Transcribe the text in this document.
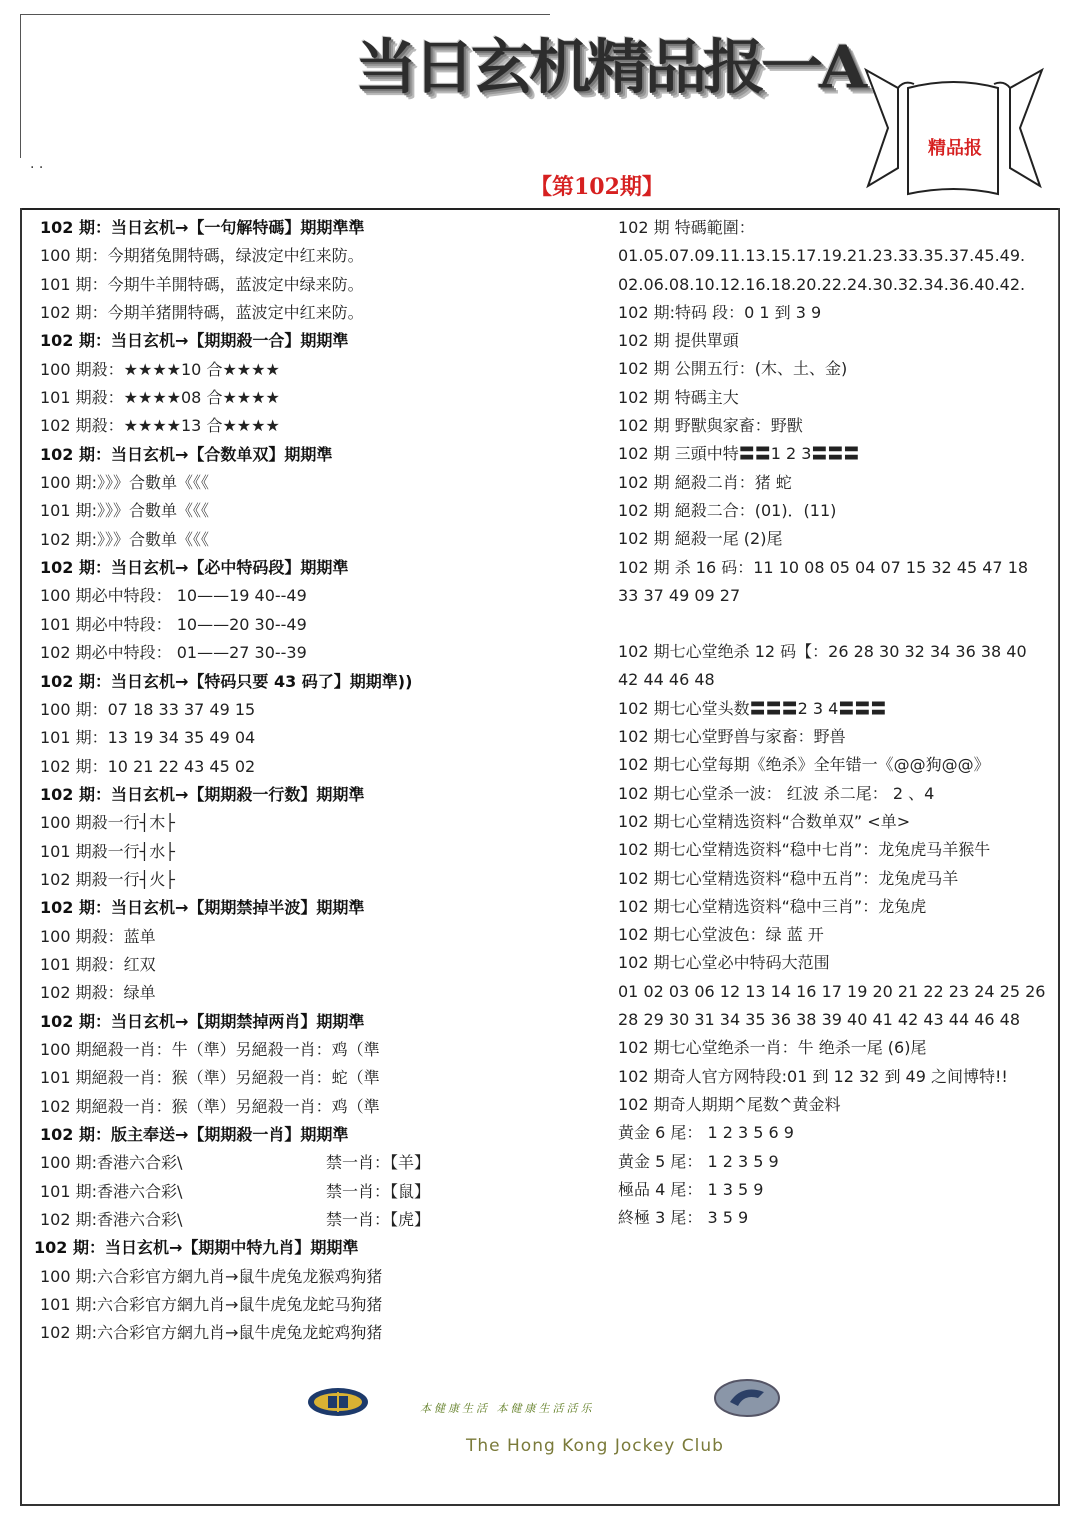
· ·
当日玄机精品报一A
精品报
【第102期】
102 期：当日玄机→【一句解特碼】期期準準
100 期：今期猪兔開特碼，绿波定中红来防。
101 期：今期牛羊開特碼，蓝波定中绿来防。
102 期：今期羊猪開特碼，蓝波定中红来防。
102 期：当日玄机→【期期殺一合】期期準
100 期殺：★★★★10 合★★★★
101 期殺：★★★★08 合★★★★
102 期殺：★★★★13 合★★★★
102 期：当日玄机→【合数单双】期期準
100 期:》》》合數单《《《
101 期:》》》合數单《《《
102 期:》》》合數单《《《
102 期：当日玄机→【必中特码段】期期準
100 期必中特段： 10——19 40--49
101 期必中特段： 10——20 30--49
102 期必中特段： 01——27 30--39
102 期：当日玄机→【特码只要 43 码了】期期準))
100 期：07 18 33 37 49 15
101 期：13 19 34 35 49 04
102 期：10 21 22 43 45 02
102 期：当日玄机→【期期殺一行数】期期準
100 期殺一行┤木├
101 期殺一行┤水├
102 期殺一行┤火├
102 期：当日玄机→【期期禁掉半波】期期準
100 期殺：蓝单
101 期殺：红双
102 期殺：绿单
102 期：当日玄机→【期期禁掉两肖】期期準
100 期絕殺一肖：牛（準）另絕殺一肖：鸡（準
101 期絕殺一肖：猴（準）另絕殺一肖：蛇（準
102 期絕殺一肖：猴（準）另絕殺一肖：鸡（準
102 期：版主奉送→【期期殺一肖】期期準
100 期:香港六合彩\	禁一肖：【羊】
101 期:香港六合彩\	禁一肖：【鼠】
102 期:香港六合彩\	禁一肖：【虎】
102 期：当日玄机→【期期中特九肖】期期準
100 期:六合彩官方網九肖→鼠牛虎兔龙猴鸡狗猪
101 期:六合彩官方網九肖→鼠牛虎兔龙蛇马狗猪
102 期:六合彩官方網九肖→鼠牛虎兔龙蛇鸡狗猪
102 期 特碼範圍：
01.05.07.09.11.13.15.17.19.21.23.33.35.37.45.49.
02.06.08.10.12.16.18.20.22.24.30.32.34.36.40.42.
102 期:特码 段：0 1 到 3 9
102 期 提供單頭
102 期 公開五行：(木、土、金)
102 期 特碼主大
102 期 野獸與家畜：野獸
102 期 三頭中特〓〓1 2 3〓〓〓
102 期 絕殺二肖：猪 蛇
102 期 絕殺二合：(01)．(11)
102 期 絕殺一尾 (2)尾
102 期 杀 16 码：11 10 08 05 04 07 15 32 45 47 18 33 37 49 09 27
102 期七心堂绝杀 12 码【：26 28 30 32 34 36 38 40 42 44 46 48
102 期七心堂头数〓〓〓2 3 4〓〓〓
102 期七心堂野兽与家畜：野兽
102 期七心堂每期《绝杀》全年错一《@@狗@@》
102 期七心堂杀一波： 红波 杀二尾： 2 、4
102 期七心堂精选资料“合数单双” <单>
102 期七心堂精选资料“稳中七肖”：龙兔虎马羊猴牛
102 期七心堂精选资料“稳中五肖”：龙兔虎马羊
102 期七心堂精选资料“稳中三肖”：龙兔虎
102 期七心堂波色：绿 蓝 开
102 期七心堂必中特码大范围
01 02 03 06 12 13 14 16 17 19 20 21 22 23 24 25 26 28 29 30 31 34 35 36 38 39 40 41 42 43 44 46 48
102 期七心堂绝杀一肖：牛 绝杀一尾 (6)尾
102 期奇人官方网特段:01 到 12 32 到 49 之间博特!!
102 期奇人期期^尾数^黄金料
黄金 6 尾： 1 2 3 5 6 9
黄金 5 尾： 1 2 3 5 9
極品 4 尾： 1 3 5 9
終極 3 尾： 3 5 9
本健康生活 本健康生活活乐
The Hong Kong Jockey Club
